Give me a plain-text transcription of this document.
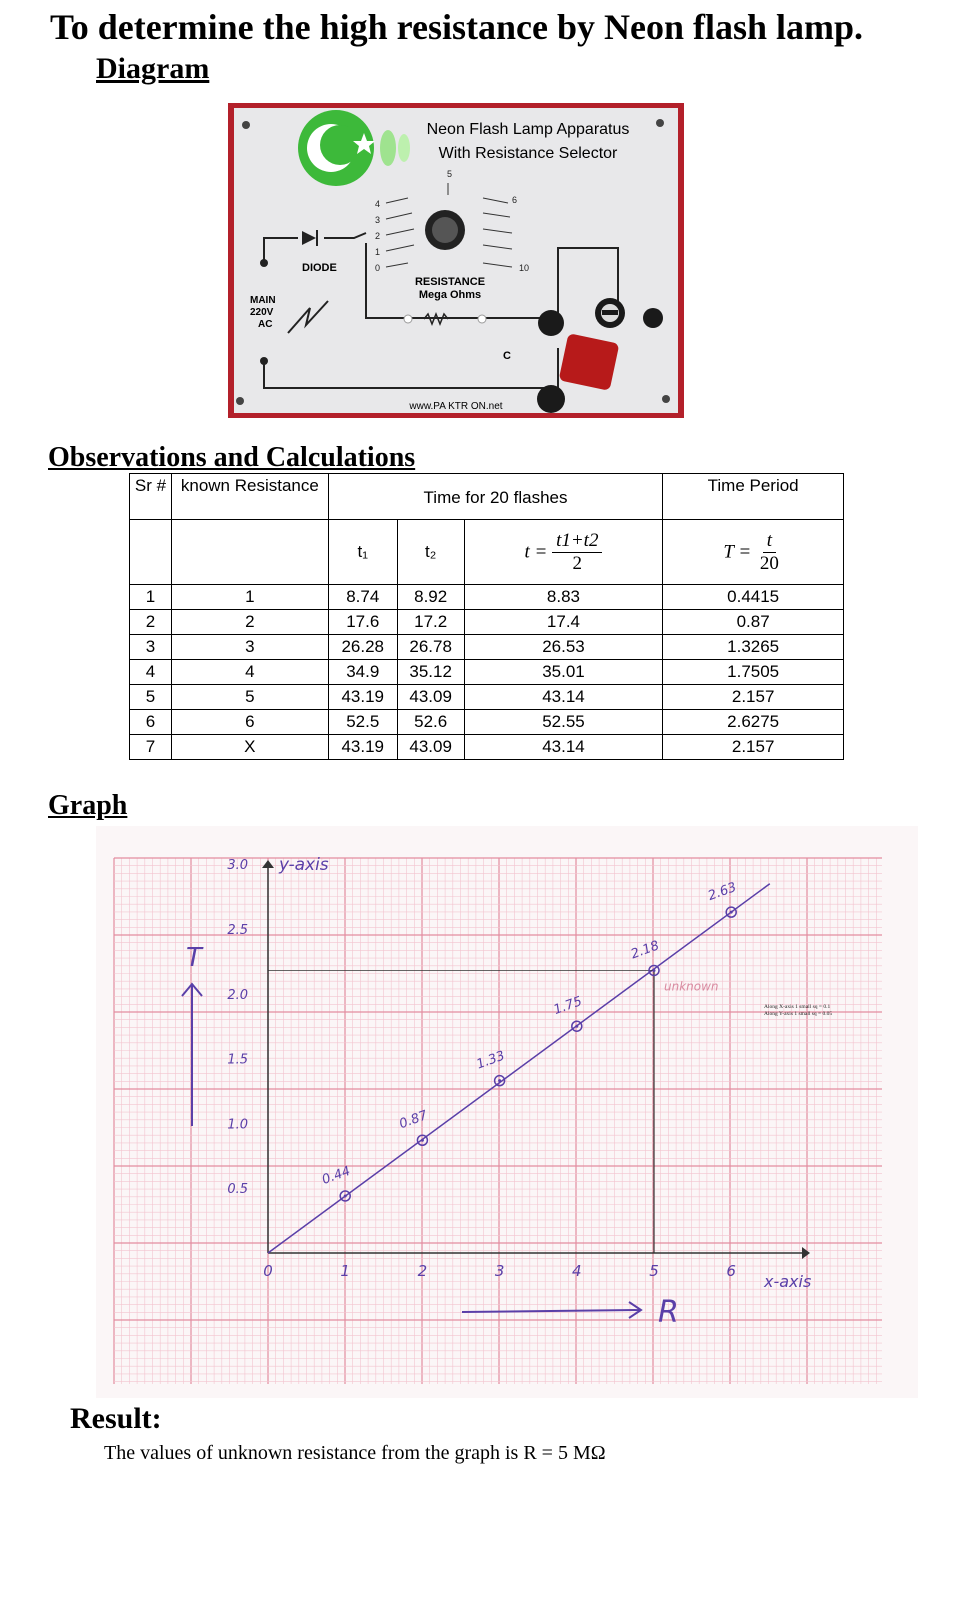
To determine the high resistance by Neon flash lamp.
Diagram
Neon Flash Lamp Apparatus
With Resistance Selector
0
1
2
3
4
5
6
10
DIODE
MAIN
220V
AC
RESISTANCE
Mega Ohms
C
www.PA KTR ON.net
Observations and Calculations
Sr #	known Resistance	Time for 20 flashes			Time Period
		t₁	t₂	$t = \frac{t1+t2}{2}$	$T = \frac{t}{20}$

1	1	8.74	8.92	8.83	0.4415
2	2	17.6	17.2	17.4	0.87
3	3	26.28	26.78	26.53	1.3265
4	4	34.9	35.12	35.01	1.7505
5	5	43.19	43.09	43.14	2.157
6	6	52.5	52.6	52.55	2.6275
7	X	43.19	43.09	43.14	2.157
Graph
0	1	2	3	4	5	6
0.5
1.0
1.5
2.0
2.5
3.0 y-axis
x-axis
T
R
unknown
0.44
0.87
1.33
1.75
2.18
2.63
Along X-axis 1 small sq = 0.1
Along Y-axis 1 small sq = 0.05
Result:
The values of unknown resistance from the graph is R = 5 MΩ
